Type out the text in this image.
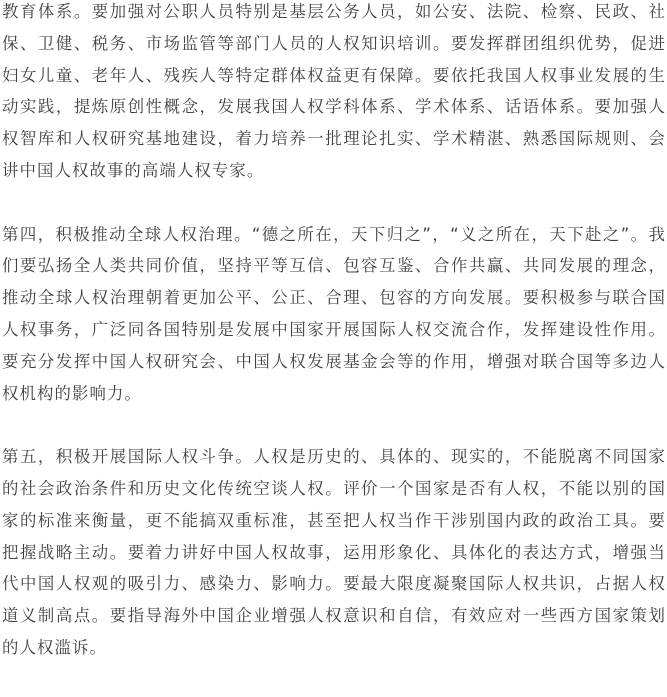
教育体系。要加强对公职人员特别是基层公务人员，如公安、法院、检察、民政、社保、卫健、税务、市场监管等部门人员的人权知识培训。要发挥群团组织优势，促进妇女儿童、老年人、残疾人等特定群体权益更有保障。要依托我国人权事业发展的生动实践，提炼原创性概念，发展我国人权学科体系、学术体系、话语体系。要加强人权智库和人权研究基地建设，着力培养一批理论扎实、学术精湛、熟悉国际规则、会讲中国人权故事的高端人权专家。

第四，积极推动全球人权治理。“德之所在，天下归之”，“义之所在，天下赴之”。我们要弘扬全人类共同价值，坚持平等互信、包容互鉴、合作共赢、共同发展的理念，推动全球人权治理朝着更加公平、公正、合理、包容的方向发展。要积极参与联合国人权事务，广泛同各国特别是发展中国家开展国际人权交流合作，发挥建设性作用。要充分发挥中国人权研究会、中国人权发展基金会等的作用，增强对联合国等多边人权机构的影响力。

第五，积极开展国际人权斗争。人权是历史的、具体的、现实的，不能脱离不同国家的社会政治条件和历史文化传统空谈人权。评价一个国家是否有人权，不能以别的国家的标准来衡量，更不能搞双重标准，甚至把人权当作干涉别国内政的政治工具。要把握战略主动。要着力讲好中国人权故事，运用形象化、具体化的表达方式，增强当代中国人权观的吸引力、感染力、影响力。要最大限度凝聚国际人权共识，占据人权道义制高点。要指导海外中国企业增强人权意识和自信，有效应对一些西方国家策划的人权滥诉。
